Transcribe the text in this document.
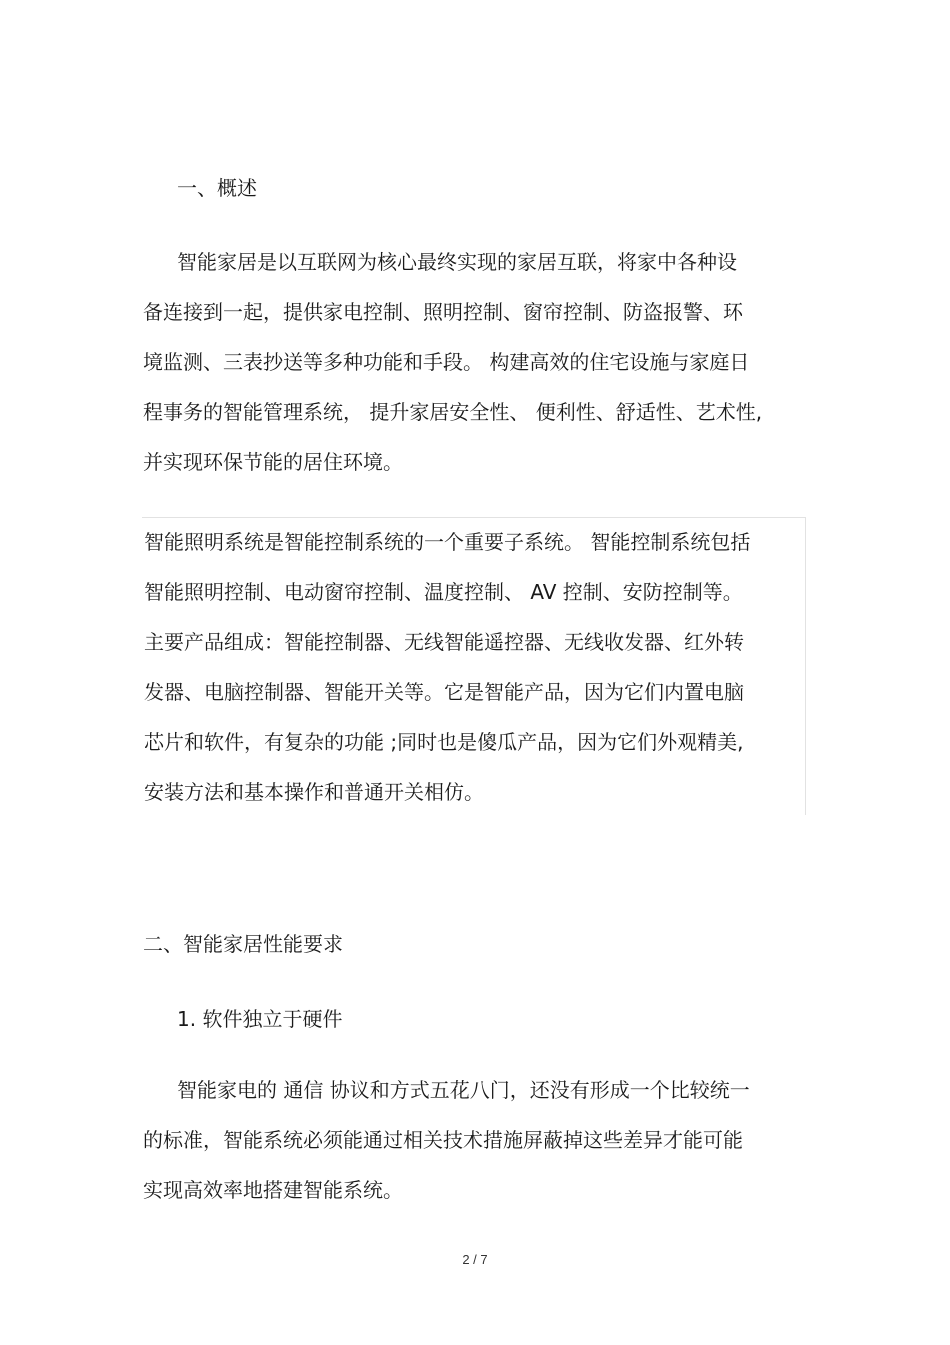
一、概述

智能家居是以互联网为核心最终实现的家居互联，将家中各种设

备连接到一起，提供家电控制、照明控制、窗帘控制、防盗报警、环

境监测、三表抄送等多种功能和手段。 构建高效的住宅设施与家庭日

程事务的智能管理系统， 提升家居安全性、 便利性、舒适性、艺术性,

并实现环保节能的居住环境。

智能照明系统是智能控制系统的一个重要子系统。 智能控制系统包括

智能照明控制、电动窗帘控制、温度控制、 AV 控制、安防控制等。

主要产品组成：智能控制器、无线智能遥控器、无线收发器、红外转

发器、电脑控制器、智能开关等。它是智能产品，因为它们内置电脑

芯片和软件，有复杂的功能 ;同时也是傻瓜产品，因为它们外观精美,

安装方法和基本操作和普通开关相仿。

二、智能家居性能要求

1. 软件独立于硬件

智能家电的 通信 协议和方式五花八门，还没有形成一个比较统一

的标准，智能系统必须能通过相关技术措施屏蔽掉这些差异才能可能

实现高效率地搭建智能系统。

2 / 7
